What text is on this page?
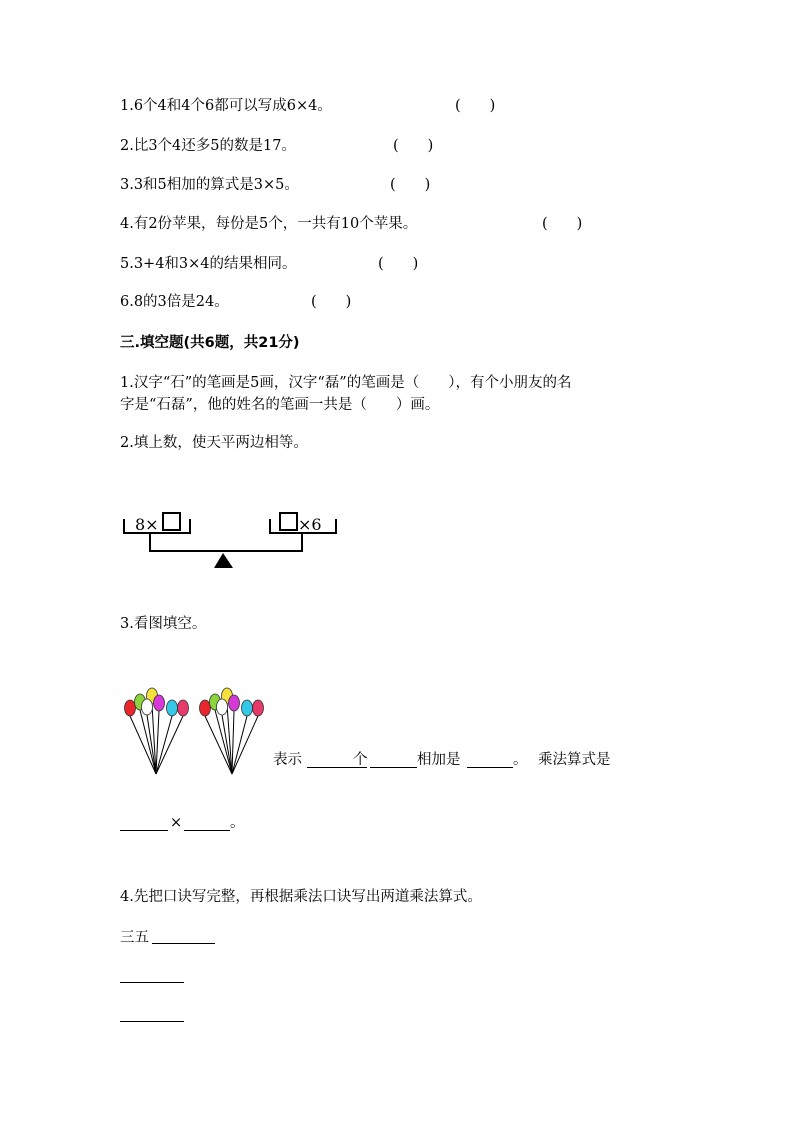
1.6个4和4个6都可以写成6×4。	(　　)
2.比3个4还多5的数是17。	(　　)
3.3和5相加的算式是3×5。	(　　)
4.有2份苹果，每份是5个，一共有10个苹果。	(　　)
5.3+4和3×4的结果相同。	(　　)
6.8的3倍是24。	(　　)
三.填空题(共6题，共21分)
1.汉字“石”的笔画是5画，汉字“磊”的笔画是（　　），有个小朋友的名
字是“石磊”，他的姓名的笔画一共是（　　）画。
2.填上数，使天平两边相等。
8×	×6
3.看图填空。
表示	个	相加是	。 乘法算式是
×	。
4.先把口诀写完整，再根据乘法口诀写出两道乘法算式。
三五
